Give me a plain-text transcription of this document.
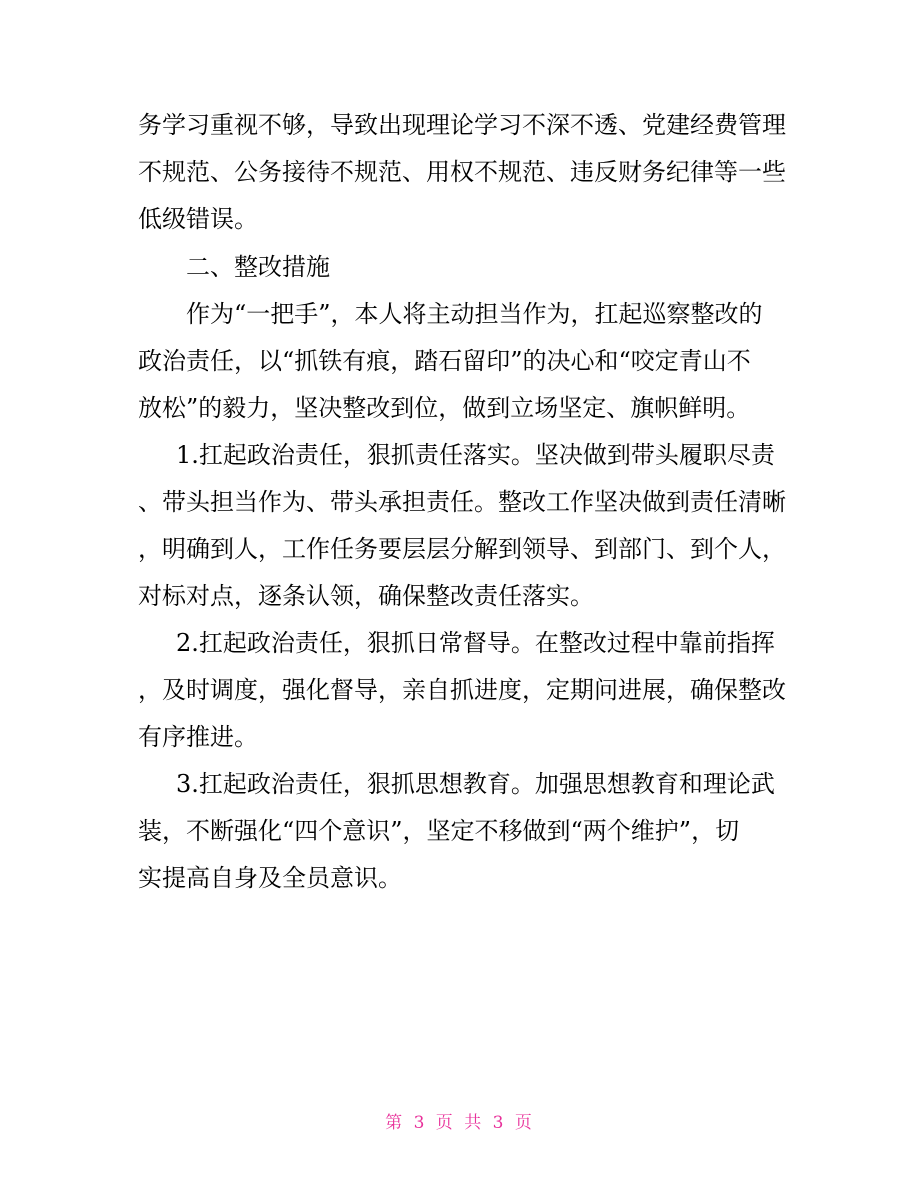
务学习重视不够，导致出现理论学习不深不透、党建经费管理

不规范、公务接待不规范、用权不规范、违反财务纪律等一些

低级错误。

二、整改措施

作为“一把手”，本人将主动担当作为，扛起巡察整改的

政治责任，以“抓铁有痕，踏石留印”的决心和“咬定青山不

放松”的毅力，坚决整改到位，做到立场坚定、旗帜鲜明。

1.扛起政治责任，狠抓责任落实。坚决做到带头履职尽责

、带头担当作为、带头承担责任。整改工作坚决做到责任清晰

，明确到人，工作任务要层层分解到领导、到部门、到个人，

对标对点，逐条认领，确保整改责任落实。

2.扛起政治责任，狠抓日常督导。在整改过程中靠前指挥

，及时调度，强化督导，亲自抓进度，定期问进展，确保整改

有序推进。

3.扛起政治责任，狠抓思想教育。加强思想教育和理论武

装，不断强化“四个意识”，坚定不移做到“两个维护”，切

实提高自身及全员意识。

第 3 页 共 3 页
